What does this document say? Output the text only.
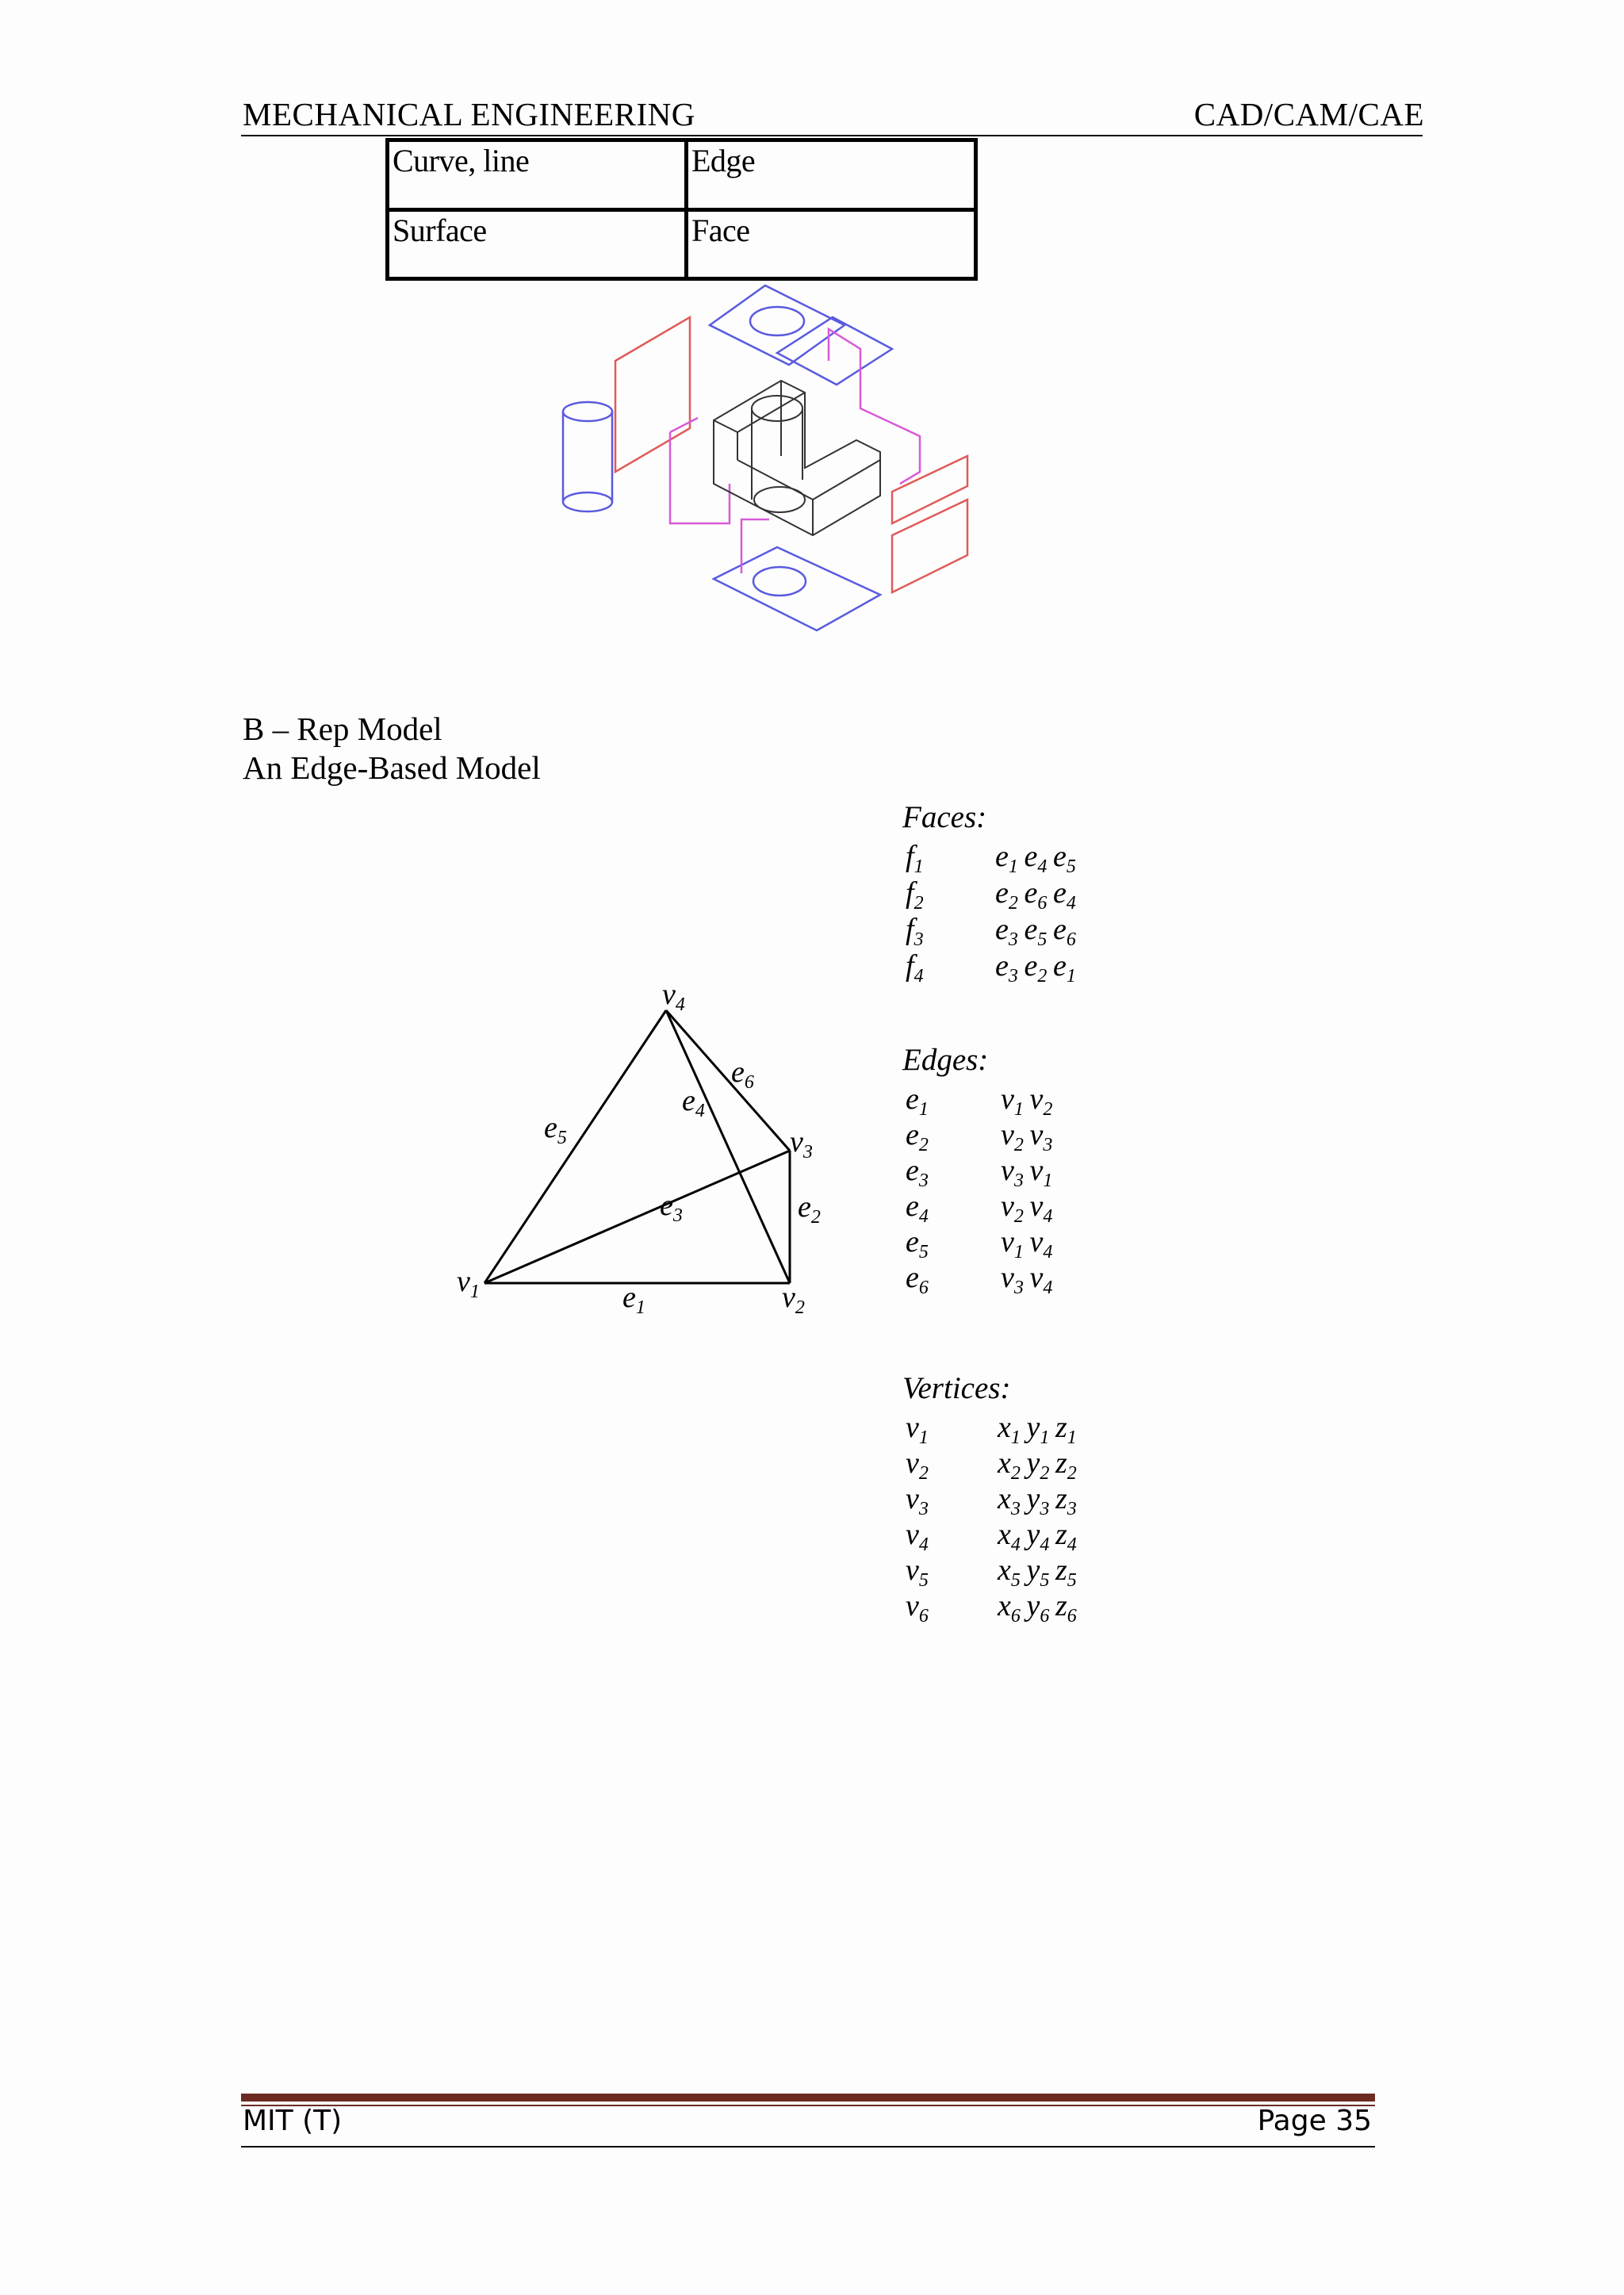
MECHANICAL ENGINEERING	CAD/CAM/CAE
Curve, line	Edge
Surface	Face
B – Rep Model
An Edge-Based Model
$v_4$
$e_6$
$e_4$
$e_5$	$v_3$
$e_3$	$e_2$
$v_1$	$e_1$	$v_2$
Faces:
$f_1$ $e_1$  $e_4$  $e_5$
$f_2$ $e_2$  $e_6$  $e_4$
$f_3$ $e_3$  $e_5$  $e_6$
$f_4$ $e_3$  $e_2$  $e_1$
Edges:
$e_1$ $v_1$  $v_2$
$e_2$ $v_2$  $v_3$
$e_3$ $v_3$  $v_1$
$e_4$ $v_2$  $v_4$
$e_5$ $v_1$  $v_4$
$e_6$ $v_3$  $v_4$
Vertices:
$v_1$ $x_1$  $y_1$  $z_1$
$v_2$ $x_2$  $y_2$  $z_2$
$v_3$ $x_3$  $y_3$  $z_3$
$v_4$ $x_4$  $y_4$  $z_4$
$v_5$ $x_5$  $y_5$  $z_5$
$v_6$ $x_6$  $y_6$  $z_6$
MIT (T)	Page 35
